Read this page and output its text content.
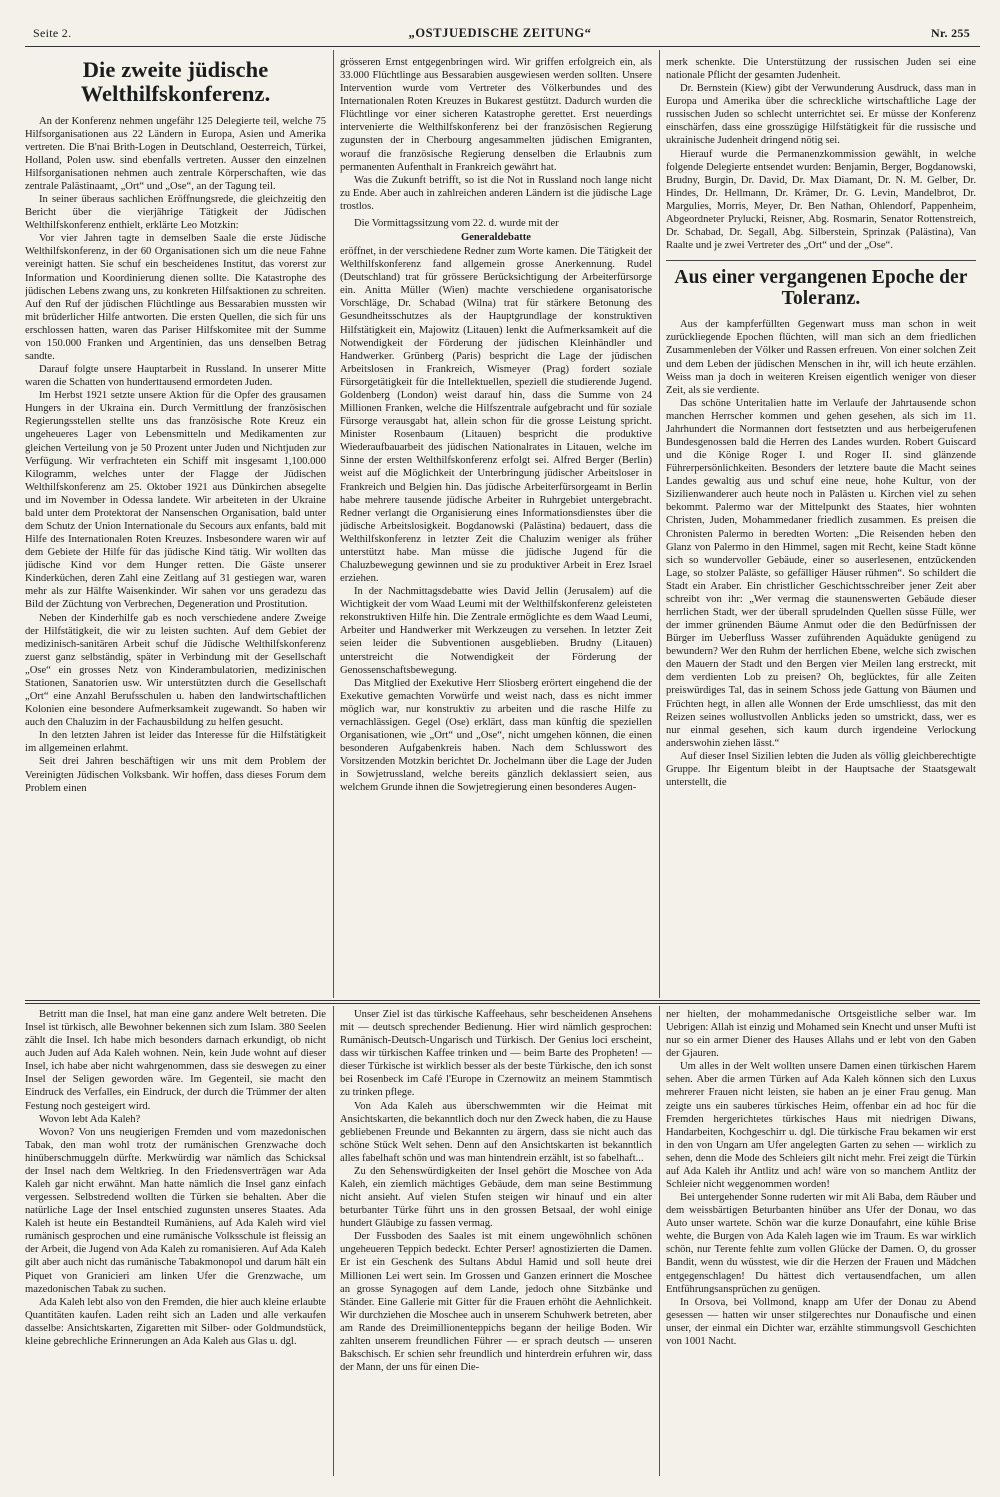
Seite 2.	„OSTJUEDISCHE ZEITUNG“	Nr. 255
Die zweite jüdische Welthilfskonferenz.

An der Konferenz nehmen ungefähr 125 Delegierte teil, welche 75 Hilfsorganisationen aus 22 Ländern in Europa, Asien und Amerika vertreten. Die B'nai Brith-Logen in Deutschland, Oesterreich, Türkei, Holland, Polen usw. sind ebenfalls vertreten. Ausser den einzelnen Hilfsorganisationen nehmen auch zentrale Körperschaften, wie das zentrale Palästinaamt, „Ort“ und „Ose“, an der Tagung teil.

In seiner überaus sachlichen Eröffnungsrede, die gleichzeitig den Bericht über die vierjährige Tätigkeit der Jüdischen Welthilfskonferenz enthielt, erklärte Leo Motzkin:

Vor vier Jahren tagte in demselben Saale die erste Jüdische Welthilfskonferenz, in der 60 Organisationen sich um die neue Fahne vereinigt hatten. Sie schuf ein bescheidenes Institut, das vorerst zur Information und Koordinierung dienen sollte. Die Katastrophe des jüdischen Lebens zwang uns, zu konkreten Hilfsaktionen zu schreiten. Auf den Ruf der jüdischen Flüchtlinge aus Bessarabien mussten wir mit brüderlicher Hilfe antworten. Die ersten Quellen, die sich für uns erschlossen hatten, waren das Pariser Hilfskomitee mit der Summe von 150.000 Franken und Argentinien, das uns denselben Betrag sandte.

Darauf folgte unsere Hauptarbeit in Russland. In unserer Mitte waren die Schatten von hunderttausend ermordeten Juden.

Im Herbst 1921 setzte unsere Aktion für die Opfer des grausamen Hungers in der Ukraina ein. Durch Vermittlung der französischen Regierungsstellen stellte uns das französische Rote Kreuz ein ungeheueres Lager von Lebensmitteln und Medikamenten zur gleichen Verteilung von je 50 Prozent unter Juden und Nichtjuden zur Verfügung. Wir verfrachteten ein Schiff mit insgesamt 1,100.000 Kilogramm, welches unter der Flagge der Jüdischen Welthilfskonferenz am 25. Oktober 1921 aus Dünkirchen absegelte und im November in Odessa landete. Wir arbeiteten in der Ukraine bald unter dem Protektorat der Nansenschen Organisation, bald unter dem Schutz der Union Internationale du Secours aux enfants, bald mit Hilfe des Internationalen Roten Kreuzes. Insbesondere waren wir auf dem Gebiete der Hilfe für das jüdische Kind tätig. Wir wollten das jüdische Kind vor dem Hunger retten. Die Gäste unserer Kinderküchen, deren Zahl eine Zeitlang auf 31 gestiegen war, waren mehr als zur Hälfte Waisenkinder. Wir sahen vor uns geradezu das Bild der Züchtung von Verbrechen, Degeneration und Prostitution.

Neben der Kinderhilfe gab es noch verschiedene andere Zweige der Hilfstätigkeit, die wir zu leisten suchten. Auf dem Gebiet der medizinisch-sanitären Arbeit schuf die Jüdische Welthilfskonferenz zuerst ganz selbständig, später in Verbindung mit der Gesellschaft „Ose“ ein grosses Netz von Kinderambulatorien, medizinischen Stationen, Sanatorien usw. Wir unterstützten durch die Gesellschaft „Ort“ eine Anzahl Berufsschulen u. haben den landwirtschaftlichen Kolonien eine besondere Aufmerksamkeit zugewandt. So haben wir auch den Chaluzim in der Fachausbildung zu helfen gesucht.

In den letzten Jahren ist leider das Interesse für die Hilfstätigkeit im allgemeinen erlahmt.

Seit drei Jahren beschäftigen wir uns mit dem Problem der Vereinigten Jüdischen Volksbank. Wir hoffen, dass dieses Forum dem Problem einen

grösseren Ernst entgegenbringen wird. Wir griffen erfolgreich ein, als 33.000 Flüchtlinge aus Bessarabien ausgewiesen werden sollten. Unsere Intervention wurde vom Vertreter des Völkerbundes und des Internationalen Roten Kreuzes in Bukarest gestützt. Dadurch wurden die Flüchtlinge vor einer sicheren Katastrophe gerettet. Erst neuerdings intervenierte die Welthilfskonferenz bei der französischen Regierung zugunsten der in Cherbourg angesammelten jüdischen Emigranten, worauf die französische Regierung denselben die Erlaubnis zum permanenten Aufenthalt in Frankreich gewährt hat.

Was die Zukunft betrifft, so ist die Not in Russland noch lange nicht zu Ende. Aber auch in zahlreichen anderen Ländern ist die jüdische Lage trostlos.

Die Vormittagssitzung vom 22. d. wurde mit der

Generaldebatte

eröffnet, in der verschiedene Redner zum Worte kamen. Die Tätigkeit der Welthilfskonferenz fand allgemein grosse Anerkennung. Rudel (Deutschland) trat für grössere Berücksichtigung der Arbeiterfürsorge ein. Anitta Müller (Wien) machte verschiedene organisatorische Vorschläge, Dr. Schabad (Wilna) trat für stärkere Betonung des Gesundheitsschutzes als der Hauptgrundlage der konstruktiven Hilfstätigkeit ein, Majowitz (Litauen) lenkt die Aufmerksamkeit auf die Notwendigkeit der Förderung der jüdischen Kleinhändler und Handwerker. Grünberg (Paris) bespricht die Lage der jüdischen Arbeitslosen in Frankreich, Wismeyer (Prag) fordert soziale Fürsorgetätigkeit für die Intellektuellen, speziell die studierende Jugend. Goldenberg (London) weist darauf hin, dass die Summe von 24 Millionen Franken, welche die Hilfszentrale aufgebracht und für soziale Fürsorge verausgabt hat, allein schon für die grosse Leistung spricht. Minister Rosenbaum (Litauen) bespricht die produktive Wiederaufbauarbeit des jüdischen Nationalrates in Litauen, welche im Sinne der ersten Welthilfskonferenz erfolgt sei. Alfred Berger (Berlin) weist auf die Möglichkeit der Unterbringung jüdischer Arbeitsloser in Frankreich und Belgien hin. Das jüdische Arbeiterfürsorgeamt in Berlin habe mehrere tausende jüdische Arbeiter in Ruhrgebiet untergebracht. Redner verlangt die Organisierung eines Informationsdienstes über die jüdische Arbeitslosigkeit. Bogdanowski (Palästina) bedauert, dass die Welthilfskonferenz in letzter Zeit die Chaluzim weniger als früher unterstützt habe. Man müsse die jüdische Jugend für die Chaluzbewegung gewinnen und sie zu produktiver Arbeit in Erez Israel erziehen.

In der Nachmittagsdebatte wies David Jellin (Jerusalem) auf die Wichtigkeit der vom Waad Leumi mit der Welthilfskonferenz geleisteten rekonstruktiven Hilfe hin. Die Zentrale ermöglichte es dem Waad Leumi, Arbeiter und Handwerker mit Werkzeugen zu versehen. In letzter Zeit seien leider die Subventionen ausgeblieben. Brudny (Litauen) unterstreicht die Notwendigkeit der Förderung der Genossenschaftsbewegung.

Das Mitglied der Exekutive Herr Sliosberg erörtert eingehend die der Exekutive gemachten Vorwürfe und weist nach, dass es nicht immer möglich war, nur konstruktiv zu arbeiten und die rasche Hilfe zu vernachlässigen. Gegel (Ose) erklärt, dass man künftig die speziellen Organisationen, wie „Ort“ und „Ose“, nicht umgehen können, die einen besonderen Aufgabenkreis haben. Nach dem Schlusswort des Vorsitzenden Motzkin berichtet Dr. Jochelmann über die Lage der Juden in Sowjetrussland, welche bereits gänzlich deklassiert seien, aus welchem Grunde ihnen die Sowjetregierung einen besonderes Augen-

merk schenkte. Die Unterstützung der russischen Juden sei eine nationale Pflicht der gesamten Judenheit.

Dr. Bernstein (Kiew) gibt der Verwunderung Ausdruck, dass man in Europa und Amerika über die schreckliche wirtschaftliche Lage der russischen Juden so schlecht unterrichtet sei. Er müsse der Konferenz einschärfen, dass eine grosszügige Hilfstätigkeit für die russische und ukrainische Judenheit dringend nötig sei.

Hierauf wurde die Permanenzkommission gewählt, in welche folgende Delegierte entsendet wurden: Benjamin, Berger, Bogdanowski, Brudny, Burgin, Dr. David, Dr. Max Diamant, Dr. N. M. Gelber, Dr. Hindes, Dr. Hellmann, Dr. Krämer, Dr. G. Levin, Mandelbrot, Dr. Margulies, Morris, Meyer, Dr. Ben Nathan, Ohlendorf, Pappenheim, Abgeordneter Prylucki, Reisner, Abg. Rosmarin, Senator Rottenstreich, Dr. Schabad, Dr. Segall, Abg. Silberstein, Sprinzak (Palästina), Van Raalte und je zwei Vertreter des „Ort“ und der „Ose“.

Aus einer vergangenen Epoche der Toleranz.

Aus der kampferfüllten Gegenwart muss man schon in weit zurückliegende Epochen flüchten, will man sich an dem friedlichen Zusammenleben der Völker und Rassen erfreuen. Von einer solchen Zeit und dem Leben der jüdischen Menschen in ihr, will ich heute erzählen. Weiss man ja doch in weiteren Kreisen eigentlich weniger von dieser Zeit, als sie verdiente.

Das schöne Unteritalien hatte im Verlaufe der Jahrtausende schon manchen Herrscher kommen und gehen gesehen, als sich im 11. Jahrhundert die Normannen dort festsetzten und aus herbeigerufenen Bundesgenossen bald die Herren des Landes wurden. Robert Guiscard und die Könige Roger I. und Roger II. sind glänzende Führerpersönlichkeiten. Besonders der letztere baute die Macht seines Landes gewaltig aus und schuf eine neue, hohe Kultur, von der Sizilienwanderer auch heute noch in Palästen u. Kirchen viel zu sehen bekommt. Palermo war der Mittelpunkt des Staates, hier wohnten Christen, Juden, Mohammedaner friedlich zusammen. Es preisen die Chronisten Palermo in beredten Worten: „Die Reisenden heben den Glanz von Palermo in den Himmel, sagen mit Recht, keine Stadt könne sich so wundervoller Gebäude, einer so auserlesenen, entzückenden Lage, so stolzer Paläste, so gefälliger Häuser rühmen“. So schildert die Stadt ein Araber. Ein christlicher Geschichtsschreiber jener Zeit aber schreibt von ihr: „Wer vermag die staunenswerten Gebäude dieser herrlichen Stadt, wer der überall sprudelnden Quellen süsse Fülle, wer der immer grünenden Bäume Anmut oder die den Bedürfnissen der Bürger im Ueberfluss Wasser zuführenden Aquädukte genügend zu bewundern? Wer den Ruhm der herrlichen Ebene, welche sich zwischen den Mauern der Stadt und den Bergen vier Meilen lang erstreckt, mit dem verdienten Lob zu preisen? Oh, beglücktes, für alle Zeiten preiswürdiges Tal, das in seinem Schoss jede Gattung von Bäumen und Früchten hegt, in allen alle Wonnen der Erde umschliesst, das mit den Reizen seines wollustvollen Anblicks jeden so umstrickt, dass, wer es nur einmal gesehen, sich kaum durch irgendeine Verlockung anderswohin ziehen lässt.“

Auf dieser Insel Sizilien lebten die Juden als völlig gleichberechtigte Gruppe. Ihr Eigentum bleibt in der Hauptsache der Staatsgewalt unterstellt, die

Betritt man die Insel, hat man eine ganz andere Welt betreten. Die Insel ist türkisch, alle Bewohner bekennen sich zum Islam. 380 Seelen zählt die Insel. Ich habe mich besonders darnach erkundigt, ob nicht auch Juden auf Ada Kaleh wohnen. Nein, kein Jude wohnt auf dieser Insel, ich habe aber nicht wahrgenommen, dass sie deswegen zu einer Insel der Seligen geworden wäre. Im Gegenteil, sie macht den Eindruck des Verfalles, ein Eindruck, der durch die Trümmer der alten Festung noch gesteigert wird.

Wovon lebt Ada Kaleh?

Wovon? Von uns neugierigen Fremden und vom mazedonischen Tabak, den man wohl trotz der rumänischen Grenzwache doch hinüberschmuggeln dürfte. Merkwürdig war nämlich das Schicksal der Insel nach dem Weltkrieg. In den Friedensverträgen war Ada Kaleh gar nicht erwähnt. Man hatte nämlich die Insel ganz einfach vergessen. Selbstredend wollten die Türken sie behalten. Aber die natürliche Lage der Insel entschied zugunsten unseres Staates. Ada Kaleh ist heute ein Bestandteil Rumäniens, auf Ada Kaleh wird viel rumänisch gesprochen und eine rumänische Volksschule ist fleissig an der Arbeit, die Jugend von Ada Kaleh zu romanisieren. Auf Ada Kaleh gilt aber auch nicht das rumänische Tabakmonopol und darum hält ein Piquet von Granicieri am linken Ufer die Grenzwache, um mazedonischen Tabak zu suchen.

Ada Kaleh lebt also von den Fremden, die hier auch kleine erlaubte Quantitäten kaufen. Laden reiht sich an Laden und alle verkaufen dasselbe: Ansichtskarten, Zigaretten mit Silber- oder Goldmundstück, kleine gebrechliche Erinnerungen an Ada Kaleh aus Glas u. dgl.

Unser Ziel ist das türkische Kaffeehaus, sehr bescheidenen Ansehens mit — deutsch sprechender Bedienung. Hier wird nämlich gesprochen: Rumänisch-Deutsch-Ungarisch und Türkisch. Der Genius loci erscheint, dass wir türkischen Kaffee trinken und — beim Barte des Propheten! — dieser Türkische ist wirklich besser als der beste Türkische, den ich sonst bei Rosenbeck im Café l'Europe in Czernowitz an meinem Stammtisch zu trinken pflege.

Von Ada Kaleh aus überschwemmten wir die Heimat mit Ansichtskarten, die bekanntlich doch nur den Zweck haben, die zu Hause gebliebenen Freunde und Bekannten zu ärgern, dass sie nicht auch das schöne Stück Welt sehen. Denn auf den Ansichtskarten ist bekanntlich alles fabelhaft schön und was man hintendrein erzählt, ist so fabelhaft...

Zu den Sehenswürdigkeiten der Insel gehört die Moschee von Ada Kaleh, ein ziemlich mächtiges Gebäude, dem man seine Bestimmung nicht ansieht. Auf vielen Stufen steigen wir hinauf und ein alter beturbanter Türke führt uns in den grossen Betsaal, der wohl einige hundert Gläubige zu fassen vermag.

Der Fussboden des Saales ist mit einem ungewöhnlich schönen ungeheueren Teppich bedeckt. Echter Perser! agnostizierten die Damen. Er ist ein Geschenk des Sultans Abdul Hamid und soll heute drei Millionen Lei wert sein. Im Grossen und Ganzen erinnert die Moschee an grosse Synagogen auf dem Lande, jedoch ohne Sitzbänke und Ständer. Eine Gallerie mit Gitter für die Frauen erhöht die Aehnlichkeit. Wir durchziehen die Moschee auch in unserem Schuhwerk betreten, aber am Rande des Dreimillionenteppichs begann der heilige Boden. Wir zahlten unserem freundlichen Führer — er sprach deutsch — unseren Bakschisch. Er schien sehr freundlich und hinterdrein erfuhren wir, dass der Mann, der uns für einen Die-

ner hielten, der mohammedanische Ortsgeistliche selber war. Im Uebrigen: Allah ist einzig und Mohamed sein Knecht und unser Mufti ist nur so ein armer Diener des Hauses Allahs und er lebt von den Gaben der Gjauren.

Um alles in der Welt wollten unsere Damen einen türkischen Harem sehen. Aber die armen Türken auf Ada Kaleh können sich den Luxus mehrerer Frauen nicht leisten, sie haben an je einer Frau genug. Man zeigte uns ein sauberes türkisches Heim, offenbar ein ad hoc für die Fremden hergerichtetes türkisches Haus mit niedrigen Diwans, Handarbeiten, Kochgeschirr u. dgl. Die türkische Frau bekamen wir erst in den von Ungarn am Ufer angelegten Garten zu sehen — wirklich zu sehen, denn die Mode des Schleiers gilt nicht mehr. Frei zeigt die Türkin auf Ada Kaleh ihr Antlitz und ach! wäre von so manchem Antlitz der Schleier nicht weggenommen worden!

Bei untergehender Sonne ruderten wir mit Ali Baba, dem Räuber und dem weissbärtigen Beturbanten hinüber ans Ufer der Donau, wo das Auto unser wartete. Schön war die kurze Donaufahrt, eine kühle Brise wehte, die Burgen von Ada Kaleh lagen wie im Traum. Es war wirklich schön, nur Terente fehlte zum vollen Glücke der Damen. O, du grosser Bandit, wenn du wüsstest, wie dir die Herzen der Frauen und Mädchen entgegenschlagen! Du hättest dich vertausendfachen, um allen Entführungsansprüchen zu genügen.

In Orsova, bei Vollmond, knapp am Ufer der Donau zu Abend gesessen — hatten wir unser stilgerechtes nur Donaufische und einen unser, der einmal ein Dichter war, erzählte stimmungsvoll Geschichten von 1001 Nacht.
